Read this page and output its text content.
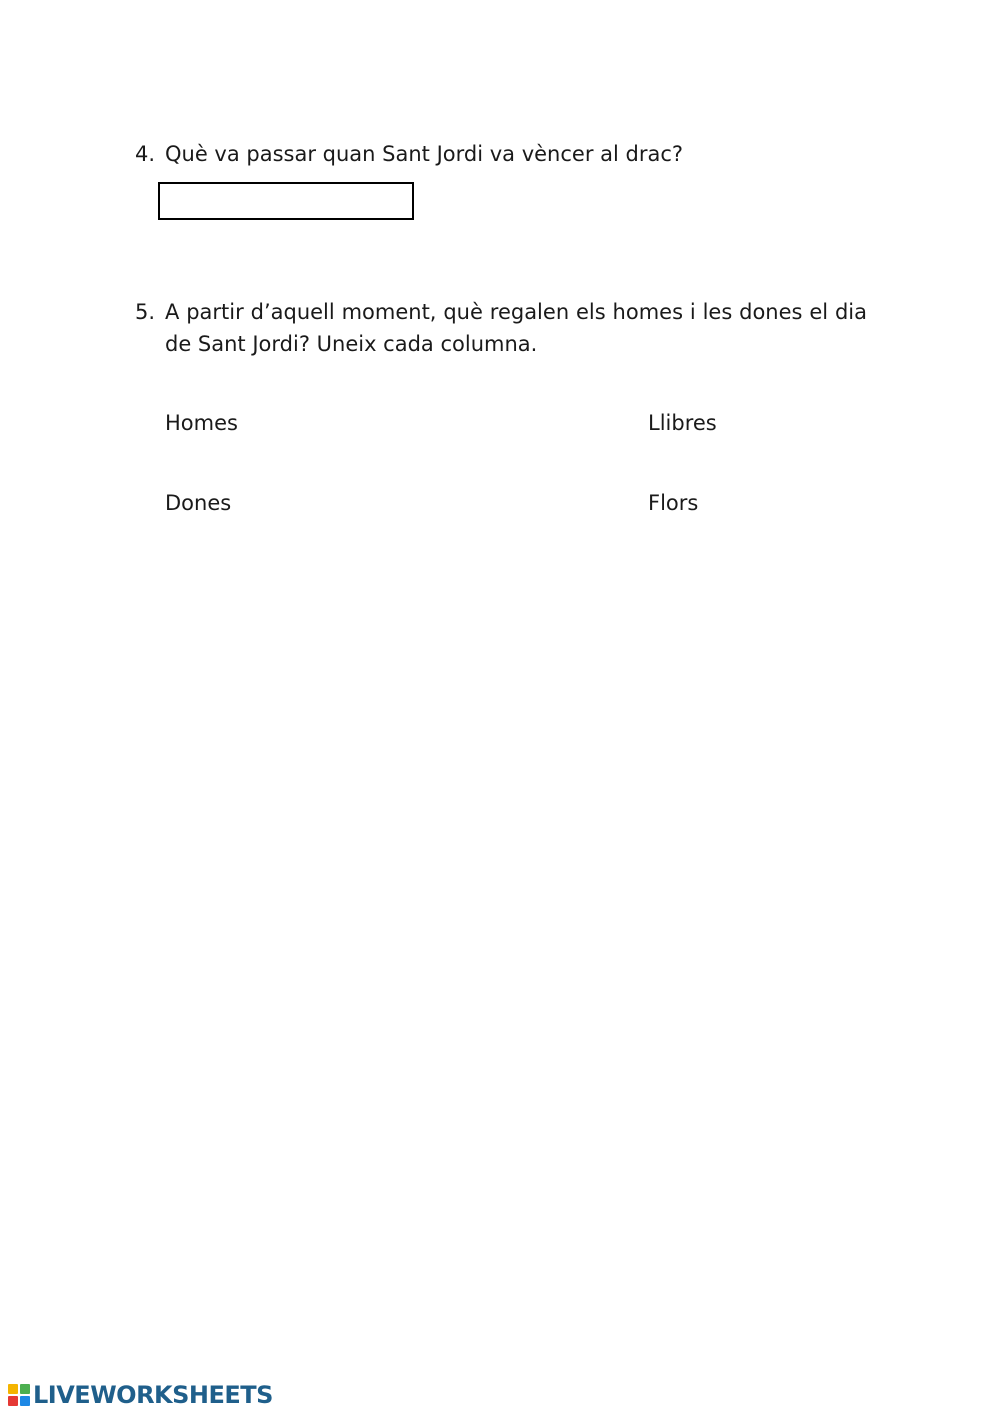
4. Què va passar quan Sant Jordi va vèncer al drac?
5. A partir d’aquell moment, què regalen els homes i les dones el dia de Sant Jordi? Uneix cada columna.
Homes
Dones
Llibres
Flors
LIVEWORKSHEETS
